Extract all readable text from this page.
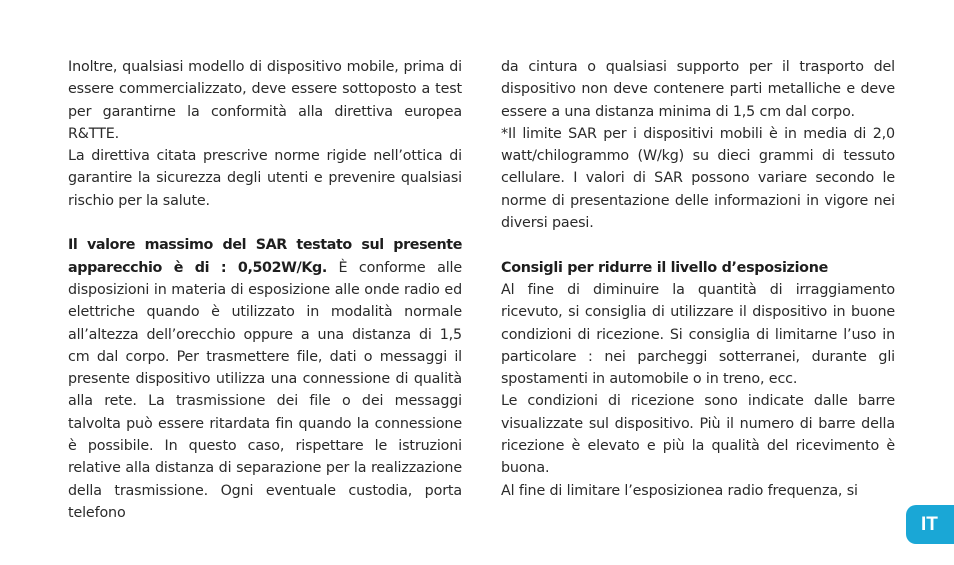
Inoltre, qualsiasi modello di dispositivo mobile, prima di essere commercializzato, deve essere sottoposto a test per garantirne la conformità alla direttiva europea R&TTE.

La direttiva citata prescrive norme rigide nell’ottica di garantire la sicurezza degli utenti e prevenire qualsiasi rischio per la salute.

Il valore massimo del SAR testato sul presente apparecchio è di : 0,502W/Kg. È conforme alle disposizioni in materia di esposizione alle onde radio ed elettriche quando è utilizzato in modalità normale all’altezza dell’orecchio oppure a una distanza di 1,5 cm dal corpo. Per trasmettere file, dati o messaggi il presente dispositivo utilizza una connessione di qualità alla rete. La trasmissione dei file o dei messaggi talvolta può essere ritardata fin quando la connessione è possibile. In questo caso, rispettare le istruzioni relative alla distanza di separazione per la realizzazione della trasmissione. Ogni eventuale custodia, porta telefono

da cintura o qualsiasi supporto per il trasporto del dispositivo non deve contenere parti metalliche e deve essere a una distanza minima di 1,5 cm dal corpo.

*Il limite SAR per i dispositivi mobili è in media di 2,0 watt/chilogrammo (W/kg) su dieci grammi di tessuto cellulare. I valori di SAR possono variare secondo le norme di presentazione delle informazioni in vigore nei diversi paesi.

Consigli per ridurre il livello d’esposizione

Al fine di diminuire la quantità di irraggiamento ricevuto, si consiglia di utilizzare il dispositivo in buone condizioni di ricezione. Si consiglia di limitarne l’uso in particolare : nei parcheggi sotterranei, durante gli spostamenti in automobile o in treno, ecc.

Le condizioni di ricezione sono indicate dalle barre visualizzate sul dispositivo. Più il numero di barre della ricezione è elevato e più la qualità del ricevimento è buona.

Al fine di limitare l’esposizionea radio frequenza, si

IT
